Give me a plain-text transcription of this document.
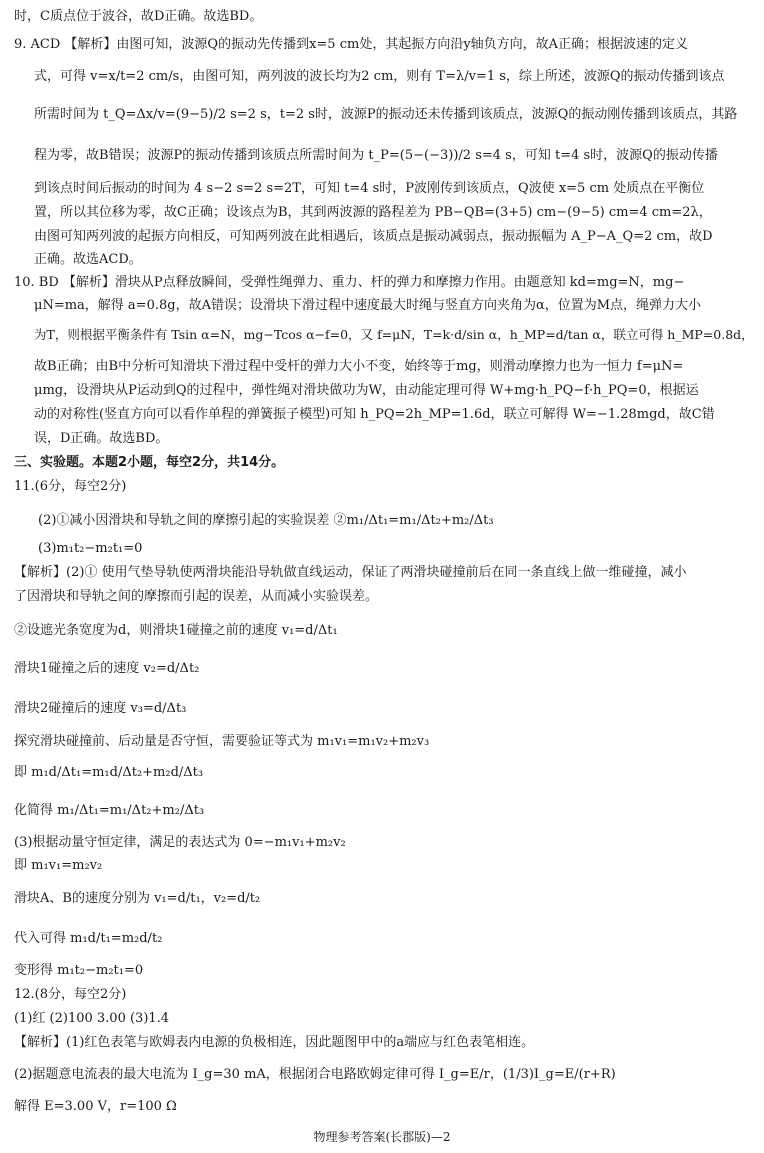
时，C质点位于波谷，故D正确。故选BD。
9. ACD 【解析】由图可知，波源Q的振动先传播到x=5 cm处，其起振方向沿y轴负方向，故A正确；根据波速的定义
式，可得 v=x/t=2 cm/s，由图可知，两列波的波长均为2 cm，则有 T=λ/v=1 s，综上所述，波源Q的振动传播到该点
所需时间为 t_Q=Δx/v=(9−5)/2 s=2 s，t=2 s时，波源P的振动还未传播到该质点，波源Q的振动刚传播到该质点，其路
程为零，故B错误；波源P的振动传播到该质点所需时间为 t_P=(5−(−3))/2 s=4 s，可知 t=4 s时，波源Q的振动传播
到该点时间后振动的时间为 4 s−2 s=2 s=2T，可知 t=4 s时，P波刚传到该质点，Q波使 x=5 cm 处质点在平衡位
置，所以其位移为零，故C正确；设该点为B，其到两波源的路程差为 PB−QB=(3+5) cm−(9−5) cm=4 cm=2λ，
由图可知两列波的起振方向相反，可知两列波在此相遇后，该质点是振动减弱点，振动振幅为 A_P−A_Q=2 cm，故D
正确。故选ACD。
10. BD 【解析】滑块从P点释放瞬间，受弹性绳弹力、重力、杆的弹力和摩擦力作用。由题意知 kd=mg=N，mg−
μN=ma，解得 a=0.8g，故A错误；设滑块下滑过程中速度最大时绳与竖直方向夹角为α，位置为M点，绳弹力大小
为T，则根据平衡条件有 Tsin α=N，mg−Tcos α−f=0，又 f=μN，T=k·d/sin α，h_MP=d/tan α，联立可得 h_MP=0.8d，
故B正确；由B中分析可知滑块下滑过程中受杆的弹力大小不变，始终等于mg，则滑动摩擦力也为一恒力 f=μN=
μmg，设滑块从P运动到Q的过程中，弹性绳对滑块做功为W，由动能定理可得 W+mg·h_PQ−f·h_PQ=0，根据运
动的对称性(竖直方向可以看作单程的弹簧振子模型)可知 h_PQ=2h_MP=1.6d，联立可解得 W=−1.28mgd，故C错
误，D正确。故选BD。
三、实验题。本题2小题，每空2分，共14分。
11.(6分，每空2分)
(2)①减小因滑块和导轨之间的摩擦引起的实验误差 ②m₁/Δt₁=m₁/Δt₂+m₂/Δt₃
(3)m₁t₂−m₂t₁=0
【解析】(2)① 使用气垫导轨使两滑块能沿导轨做直线运动，保证了两滑块碰撞前后在同一条直线上做一维碰撞，减小
了因滑块和导轨之间的摩擦而引起的误差，从而减小实验误差。
②设遮光条宽度为d，则滑块1碰撞之前的速度 v₁=d/Δt₁
滑块1碰撞之后的速度 v₂=d/Δt₂
滑块2碰撞后的速度 v₃=d/Δt₃
探究滑块碰撞前、后动量是否守恒，需要验证等式为 m₁v₁=m₁v₂+m₂v₃
即 m₁d/Δt₁=m₁d/Δt₂+m₂d/Δt₃
化简得 m₁/Δt₁=m₁/Δt₂+m₂/Δt₃
(3)根据动量守恒定律，满足的表达式为 0=−m₁v₁+m₂v₂
即 m₁v₁=m₂v₂
滑块A、B的速度分别为 v₁=d/t₁，v₂=d/t₂
代入可得 m₁d/t₁=m₂d/t₂
变形得 m₁t₂−m₂t₁=0
12.(8分，每空2分)
(1)红 (2)100 3.00 (3)1.4
【解析】(1)红色表笔与欧姆表内电源的负极相连，因此题图甲中的a端应与红色表笔相连。
(2)据题意电流表的最大电流为 I_g=30 mA，根据闭合电路欧姆定律可得 I_g=E/r，(1/3)I_g=E/(r+R)
解得 E=3.00 V，r=100 Ω
物理参考答案(长郡版)—2
